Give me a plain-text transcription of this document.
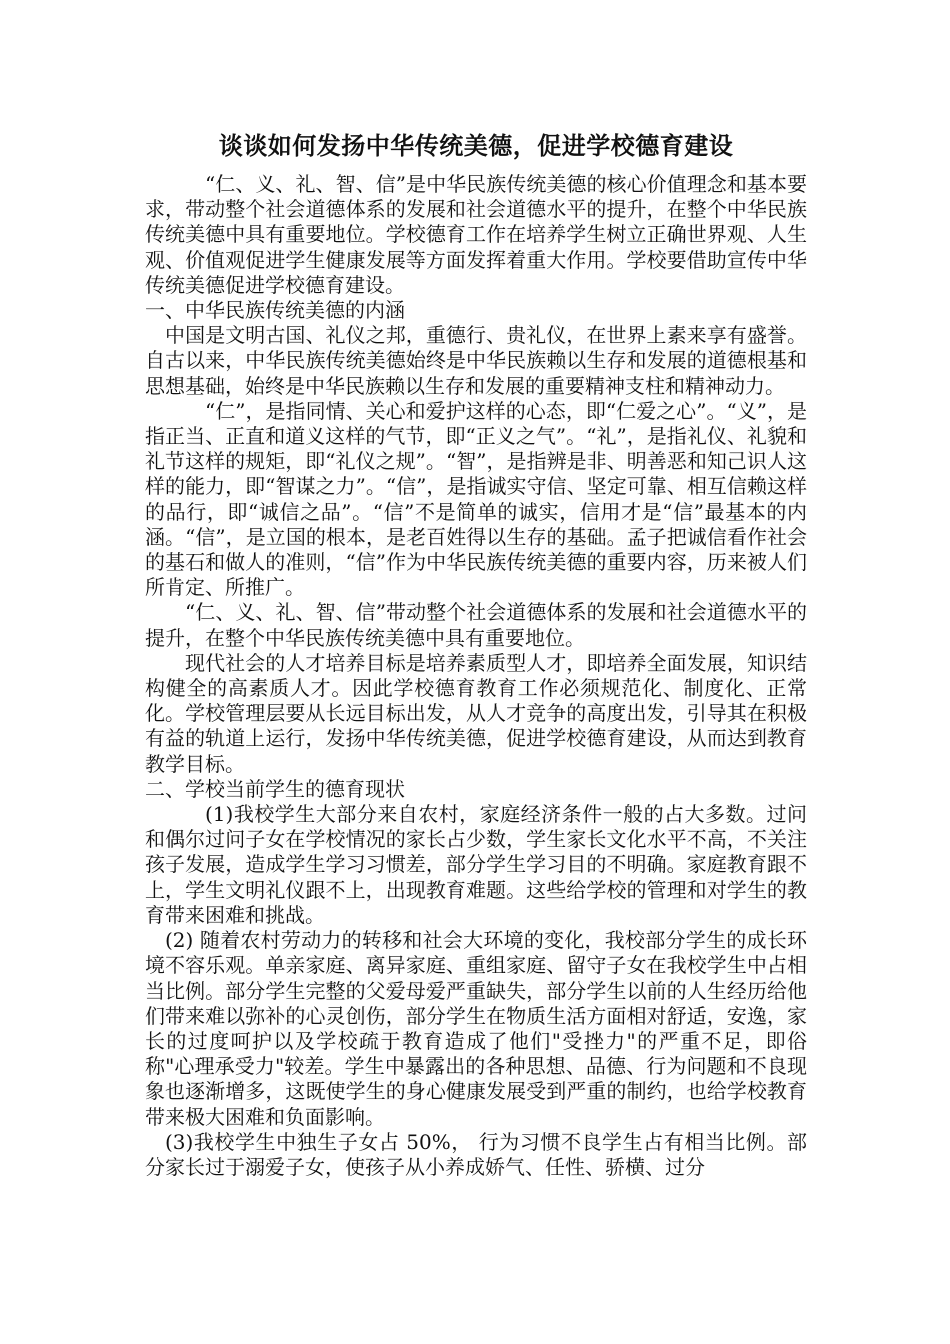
谈谈如何发扬中华传统美德，促进学校德育建设

“仁、义、礼、智、信”是中华民族传统美德的核心价值理念和基本要求，带动整个社会道德体系的发展和社会道德水平的提升，在整个中华民族传统美德中具有重要地位。学校德育工作在培养学生树立正确世界观、人生观、价值观促进学生健康发展等方面发挥着重大作用。学校要借助宣传中华传统美德促进学校德育建设。

一、中华民族传统美德的内涵

中国是文明古国、礼仪之邦，重德行、贵礼仪，在世界上素来享有盛誉。自古以来，中华民族传统美德始终是中华民族赖以生存和发展的道德根基和思想基础，始终是中华民族赖以生存和发展的重要精神支柱和精神动力。

“仁”，是指同情、关心和爱护这样的心态，即“仁爱之心”。“义”，是指正当、正直和道义这样的气节，即“正义之气”。“礼”，是指礼仪、礼貌和礼节这样的规矩，即“礼仪之规”。“智”，是指辨是非、明善恶和知己识人这样的能力，即“智谋之力”。“信”，是指诚实守信、坚定可靠、相互信赖这样的品行，即“诚信之品”。“信”不是简单的诚实，信用才是“信”最基本的内涵。“信”，是立国的根本，是老百姓得以生存的基础。孟子把诚信看作社会的基石和做人的准则，“信”作为中华民族传统美德的重要内容，历来被人们所肯定、所推广。

“仁、义、礼、智、信”带动整个社会道德体系的发展和社会道德水平的提升，在整个中华民族传统美德中具有重要地位。

现代社会的人才培养目标是培养素质型人才，即培养全面发展，知识结构健全的高素质人才。因此学校德育教育工作必须规范化、制度化、正常化。学校管理层要从长远目标出发，从人才竞争的高度出发，引导其在积极有益的轨道上运行，发扬中华传统美德，促进学校德育建设，从而达到教育教学目标。

二、学校当前学生的德育现状

(1)我校学生大部分来自农村，家庭经济条件一般的占大多数。过问和偶尔过问子女在学校情况的家长占少数，学生家长文化水平不高，不关注孩子发展，造成学生学习习惯差，部分学生学习目的不明确。家庭教育跟不上，学生文明礼仪跟不上，出现教育难题。这些给学校的管理和对学生的教育带来困难和挑战。

(2) 随着农村劳动力的转移和社会大环境的变化，我校部分学生的成长环境不容乐观。单亲家庭、离异家庭、重组家庭、留守子女在我校学生中占相当比例。部分学生完整的父爱母爱严重缺失，部分学生以前的人生经历给他们带来难以弥补的心灵创伤，部分学生在物质生活方面相对舒适，安逸，家长的过度呵护以及学校疏于教育造成了他们"受挫力"的严重不足，即俗称"心理承受力"较差。学生中暴露出的各种思想、品德、行为问题和不良现象也逐渐增多，这既使学生的身心健康发展受到严重的制约，也给学校教育带来极大困难和负面影响。

(3)我校学生中独生子女占 50%， 行为习惯不良学生占有相当比例。部分家长过于溺爱子女，使孩子从小养成娇气、任性、骄横、过分
